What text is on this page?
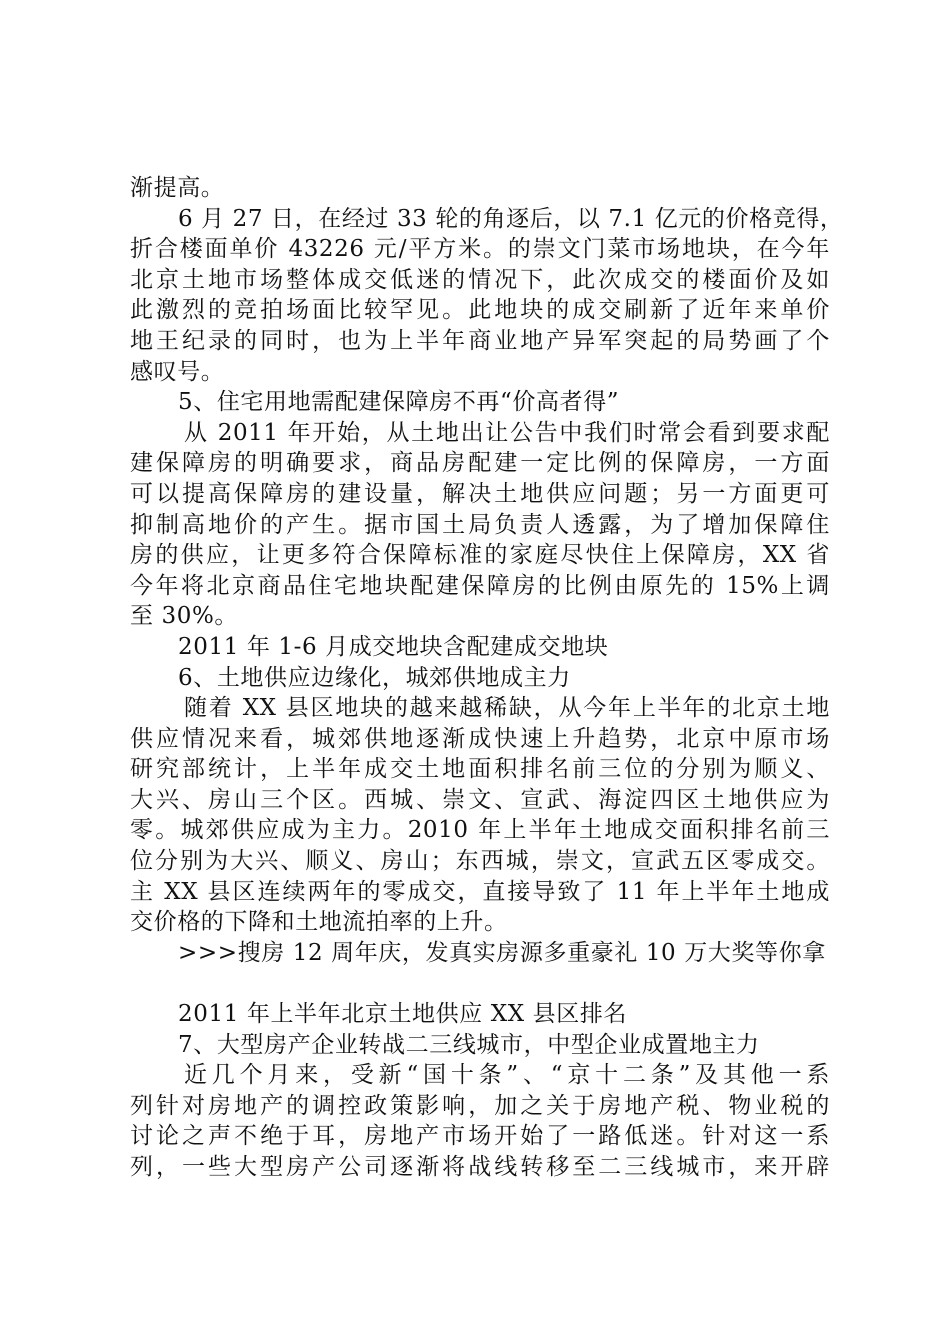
渐提高。
6 月 27 日，在经过 33 轮的角逐后，以 7.1 亿元的价格竞得，
折合楼面单价 43226 元/平方米。的崇文门菜市场地块，在今年
北京土地市场整体成交低迷的情况下，此次成交的楼面价及如
此激烈的竞拍场面比较罕见。此地块的成交刷新了近年来单价
地王纪录的同时，也为上半年商业地产异军突起的局势画了个
感叹号。
5、住宅用地需配建保障房不再“价高者得”
从 2011 年开始，从土地出让公告中我们时常会看到要求配
建保障房的明确要求，商品房配建一定比例的保障房，一方面
可以提高保障房的建设量，解决土地供应问题；另一方面更可
抑制高地价的产生。据市国土局负责人透露，为了增加保障住
房的供应，让更多符合保障标准的家庭尽快住上保障房，XX 省
今年将北京商品住宅地块配建保障房的比例由原先的 15%上调
至 30%。
2011 年 1-6 月成交地块含配建成交地块
6、土地供应边缘化，城郊供地成主力
随着 XX 县区地块的越来越稀缺，从今年上半年的北京土地
供应情况来看，城郊供地逐渐成快速上升趋势，北京中原市场
研究部统计，上半年成交土地面积排名前三位的分别为顺义、
大兴、房山三个区。西城、崇文、宣武、海淀四区土地供应为
零。城郊供应成为主力。2010 年上半年土地成交面积排名前三
位分别为大兴、顺义、房山；东西城，崇文，宣武五区零成交。
主 XX 县区连续两年的零成交，直接导致了 11 年上半年土地成
交价格的下降和土地流拍率的上升。
>>>搜房 12 周年庆，发真实房源多重豪礼 10 万大奖等你拿
2011 年上半年北京土地供应 XX 县区排名
7、大型房产企业转战二三线城市，中型企业成置地主力
近几个月来，受新“国十条”、“京十二条”及其他一系
列针对房地产的调控政策影响，加之关于房地产税、物业税的
讨论之声不绝于耳，房地产市场开始了一路低迷。针对这一系
列，一些大型房产公司逐渐将战线转移至二三线城市，来开辟
